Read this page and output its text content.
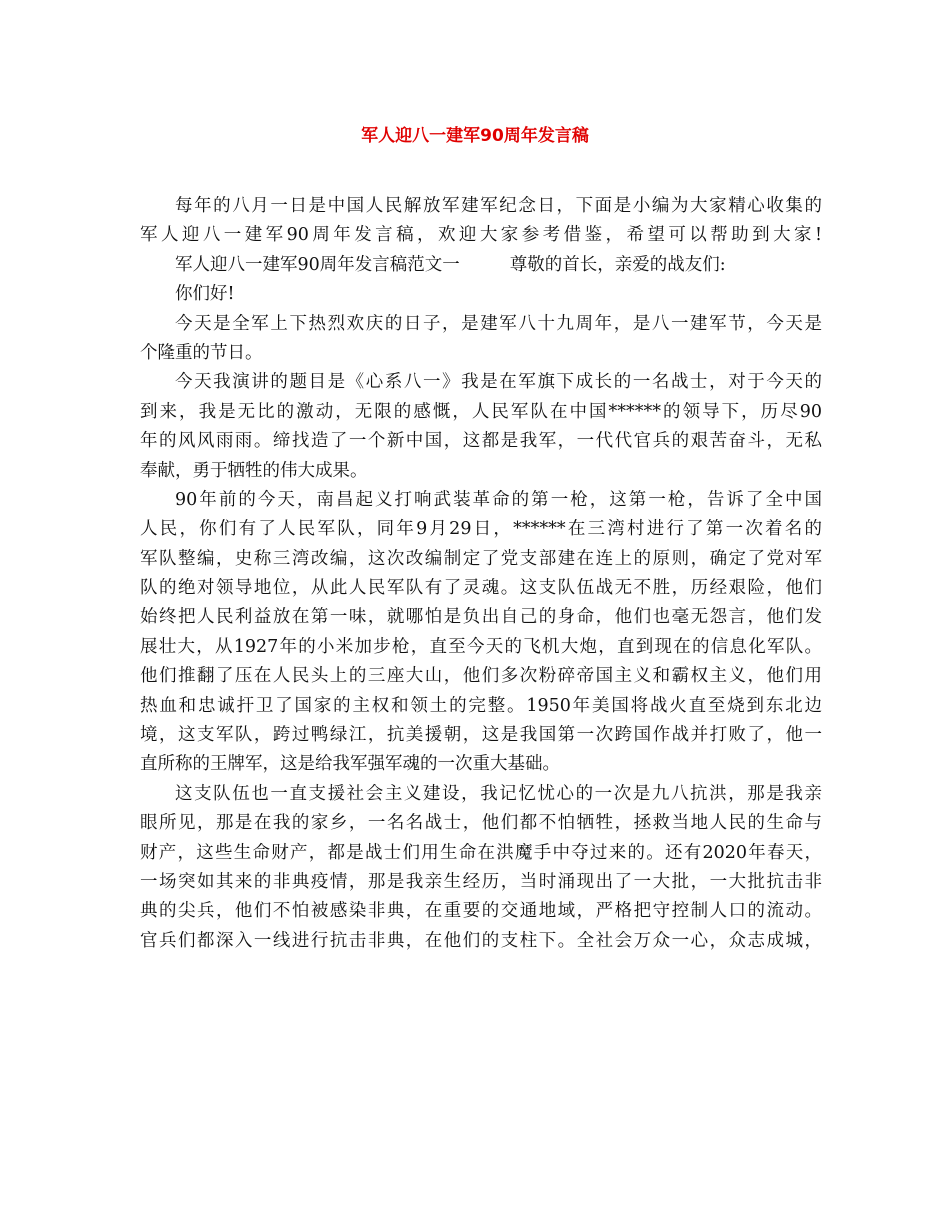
军人迎八一建军90周年发言稿
每年的八月一日是中国人民解放军建军纪念日，下面是小编为大家精心收集的
军人迎八一建军90周年发言稿，欢迎大家参考借鉴，希望可以帮助到大家!
军人迎八一建军90周年发言稿范文一	尊敬的首长，亲爱的战友们:
你们好!
今天是全军上下热烈欢庆的日子，是建军八十九周年，是八一建军节，今天是
个隆重的节日。
今天我演讲的题目是《心系八一》我是在军旗下成长的一名战士，对于今天的
到来，我是无比的激动，无限的感慨，人民军队在中国******的领导下，历尽90
年的风风雨雨。缔找造了一个新中国，这都是我军，一代代官兵的艰苦奋斗，无私
奉献，勇于牺牲的伟大成果。
90年前的今天，南昌起义打响武装革命的第一枪，这第一枪，告诉了全中国
人民，你们有了人民军队，同年9月29日，******在三湾村进行了第一次着名的
军队整编，史称三湾改编，这次改编制定了党支部建在连上的原则，确定了党对军
队的绝对领导地位，从此人民军队有了灵魂。这支队伍战无不胜，历经艰险，他们
始终把人民利益放在第一味，就哪怕是负出自己的身命，他们也毫无怨言，他们发
展壮大，从1927年的小米加步枪，直至今天的飞机大炮，直到现在的信息化军队。
他们推翻了压在人民头上的三座大山，他们多次粉碎帝国主义和霸权主义，他们用
热血和忠诚扞卫了国家的主权和领土的完整。1950年美国将战火直至烧到东北边
境，这支军队，跨过鸭绿江，抗美援朝，这是我国第一次跨国作战并打败了，他一
直所称的王牌军，这是给我军强军魂的一次重大基础。
这支队伍也一直支援社会主义建设，我记忆忧心的一次是九八抗洪，那是我亲
眼所见，那是在我的家乡，一名名战士，他们都不怕牺牲，拯救当地人民的生命与
财产，这些生命财产，都是战士们用生命在洪魔手中夺过来的。还有2020年春天，
一场突如其来的非典疫情，那是我亲生经历，当时涌现出了一大批，一大批抗击非
典的尖兵，他们不怕被感染非典，在重要的交通地域，严格把守控制人口的流动。
官兵们都深入一线进行抗击非典，在他们的支柱下。全社会万众一心，众志成城，
